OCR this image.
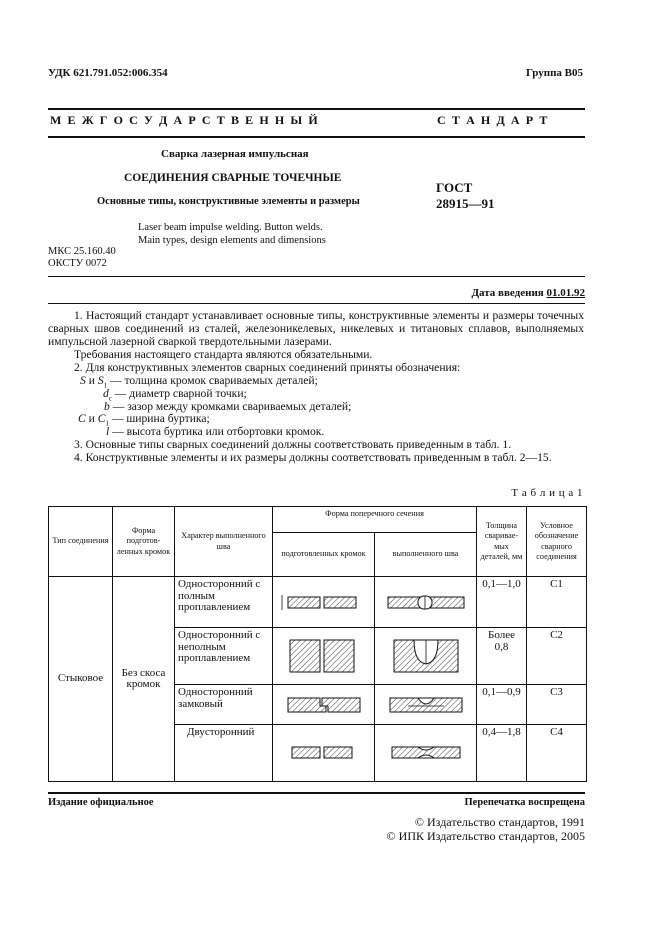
УДК 621.791.052:006.354	Группа В05
М Е Ж Г О С У Д А Р С Т В Е Н Н Ы Й	С Т А Н Д А Р Т
Сварка лазерная импульсная
СОЕДИНЕНИЯ СВАРНЫЕ ТОЧЕЧНЫЕ
Основные типы, конструктивные элементы и размеры
Laser beam impulse welding. Button welds.
Main types, design elements and dimensions
ГОСТ
28915—91
МКС 25.160.40
ОКСТУ 0072
Дата введения 01.01.92

1. Настоящий стандарт устанавливает основные типы, конструктивные элементы и размеры точечных сварных швов соединений из сталей, железоникелевых, никелевых и титановых сплавов, выполняемых импульсной лазерной сваркой твердотельными лазерами.

Требования настоящего стандарта являются обязательными.

2. Для конструктивных элементов сварных соединений приняты обозначения:

S и $S_1$ — толщина кромок свариваемых деталей;

$d_c$ — диаметр сварной точки;

b — зазор между кромками свариваемых деталей;

C и $C_1$ — ширина буртика;

l — высота буртика или отбортовки кромок.

3. Основные типы сварных соединений должны соответствовать приведенным в табл. 1.

4. Конструктивные элементы и их размеры должны соответствовать приведенным в табл. 2—15.

Т а б л и ц а 1
Тип соединения	Форма подготов-ленных кромок	Характер выполненного шва	Форма поперечного сечения		Толщина сваривае-мых деталей, мм	Условное обозначение сварного соединения
			подготовленных кромок	выполненного шва		
Стыковое	Без скоса кромок	Односторонний с полным проплавлением			0,1—1,0	С1
		Односторонний с неполным проплавлением			Более 0,8	С2
		Односторонний замковый			0,1—0,9	С3
		Двусторонний			0,4—1,8	С4
Издание официальное	Перепечатка воспрещена
© Издательство стандартов, 1991
© ИПК Издательство стандартов, 2005
